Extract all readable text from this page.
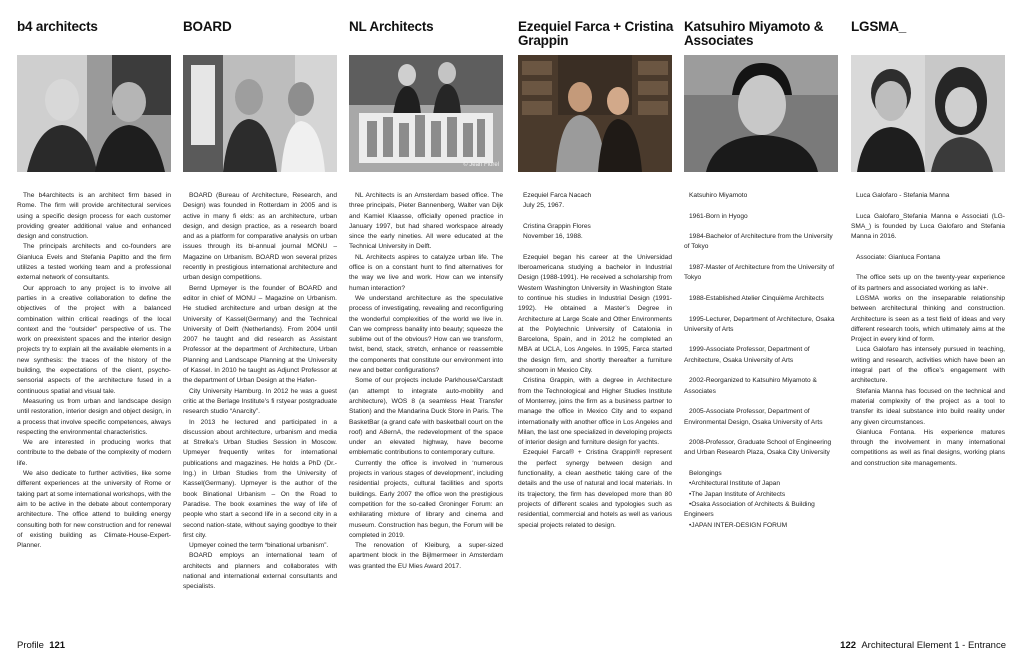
b4 architects

The b4architects is an architect firm based in Rome. The firm will provide architectural services using a specific design process for each customer providing greater additional value and enhanced design and construction.

The principals architects and co-founders are Gianluca Evels and Stefania Papitto and the firm utilizes a tested working team and a professional external network of consultants.

Our approach to any project is to involve all parties in a creative collaboration to define the objectives of the project with a balanced combination within critical readings of the local context and the “outsider” perspective of us. The work on preexistent spaces and the interior design projects try to explain all the available elements in a new synthesis: the traces of the history of the building, the expectations of the client, psycho-sensorial aspects of the architecture fused in a continuous spatial and visual tale.

Measuring us from urban and landscape design until restoration, interior design and object design, in a process that involve specific competences, always respecting the environmental characteristics.

We are interested in producing works that contribute to the debate of the complexity of modern life.

We also dedicate to further activities, like some different experiences at the university of Rome or taking part at some international workshops, with the aim to be active in the debate about contemporary architecture. The office attend to building energy consulting both for new construction and for renewal of existing building as Climate-House-Expert-Planner.

BOARD

BOARD (Bureau of Architecture, Research, and Design) was founded in Rotterdam in 2005 and is active in many fi elds: as an architecture, urban design, and design practice, as a research board and as a platform for comparative analysis on urban issues through its bi-annual journal MONU – Magazine on Urbanism. BOARD won several prizes recently in prestigious international architecture and urban design competitions.

Bernd Upmeyer is the founder of BOARD and editor in chief of MONU – Magazine on Urbanism. He studied architecture and urban design at the University of Kassel(Germany) and the Technical University of Delft (Netherlands). From 2004 until 2007 he taught and did research as Assistant Professor at the department of Architecture, Urban Planning and Landscape Planning at the University of Kassel. In 2010 he taught as Adjunct Professor at the department of Urban Design at the Hafen-

City University Hamburg. In 2012 he was a guest critic at the Berlage Institute’s fi rstyear postgraduate research studio “Anarcity”.

In 2013 he lectured and participated in a discussion about architecture, urbanism and media at Strelka’s Urban Studies Session in Moscow. Upmeyer frequently writes for international publications and magazines. He holds a PhD (Dr.-Ing.) in Urban Studies from the University of Kassel(Germany). Upmeyer is the author of the book Binational Urbanism – On the Road to Paradise. The book examines the way of life of people who start a second life in a second city in a second nation-state, without saying goodbye to their first city.

Upmeyer coined the term “binational urbanism”.

BOARD employs an international team of architects and planners and collaborates with national and international external consultants and specialists.

NL Architects
© Jean Fiorel

NL Architects is an Amsterdam based office. The three principals, Pieter Bannenberg, Walter van Dijk and Kamiel Klaasse, officially opened practice in January 1997, but had shared workspace already since the early nineties. All were educated at the Technical University in Delft.

NL Architects aspires to catalyze urban life. The office is on a constant hunt to find alternatives for the way we live and work. How can we intensify human interaction?

We understand architecture as the speculative process of investigating, revealing and reconfiguring the wonderful complexities of the world we live in. Can we compress banality into beauty; squeeze the sublime out of the obvious? How can we transform, twist, bend, stack, stretch, enhance or reassemble the components that constitute our environment into new and better configurations?

Some of our projects include Parkhouse/Carstadt (an attempt to integrate auto-mobility and architecture), WOS 8 (a seamless Heat Transfer Station) and the Mandarina Duck Store in Paris. The BasketBar (a grand cafe with basketball court on the roof) and A8ernA, the redevelopment of the space under an elevated highway, have become emblematic contributions to contemporary culture.

Currently the office is involved in ‘numerous projects in various stages of development’, including residential projects, cultural facilities and sports buildings. Early 2007 the office won the prestigious competition for the so-called Groninger Forum: an exhilarating mixture of library and cinema and museum. Construction has begun, the Forum will be completed in 2019.

The renovation of Kleiburg, a super-sized apartment block in the Bijlmermeer in Amsterdam was granted the EU Mies Award 2017.

Ezequiel Farca + Cristina Grappin

Ezequiel Farca Nacach

July 25, 1967.

Cristina Grappin Flores

November 16, 1988.

Ezequiel began his career at the Universidad Iberoamericana studying a bachelor in Industrial Design (1988-1991). He received a scholarship from Western Washington University in Washington State to continue his studies in Industrial Design (1991-1992). He obtained a Master’s Degree in Architecture at Large Scale and Other Environments at the Polytechnic University of Catalonia in Barcelona, Spain, and in 2012 he completed an MBA at UCLA, Los Angeles. In 1995, Farca started the design firm, and shortly thereafter a furniture showroom in Mexico City.

Cristina Grappin, with a degree in Architecture from the Technological and Higher Studies Institute of Monterrey, joins the firm as a business partner to manage the office in Mexico City and to expand internationally with another office in Los Angeles and Milan, the last one specialized in developing projects of interior design and furniture design for yachts.

Ezequiel Farca® + Cristina Grappin® represent the perfect synergy between design and functionality, a clean aesthetic taking care of the details and the use of natural and local materials. In its trajectory, the firm has developed more than 80 projects of different scales and typologies such as residential, commercial and hotels as well as various special projects related to design.

Katsuhiro Miyamoto & Associates

Katsuhiro Miyamoto

1961-Born in Hyogo

1984-Bachelor of Architecture from the University of Tokyo

1987-Master of Architecture from the University of Tokyo

1988-Established Atelier Cinquième Architects

1995-Lecturer, Department of Architecture, Osaka University of Arts

1999-Associate Professor, Department of Architecture, Osaka University of Arts

2002-Reorganized to Katsuhiro Miyamoto & Associates

2005-Associate Professor, Department of Environmental Design, Osaka University of Arts

2008-Professor, Graduate School of Engineering and Urban Research Plaza, Osaka City University

Belongings

•Architectural Institute of Japan

•The Japan Institute of Architects

•Osaka Association of Architects & Building Engineers

•JAPAN INTER-DESIGN FORUM

LGSMA_

Luca Galofaro - Stefania Manna

Luca Galofaro_Stefania Manna e Associati (LG-SMA_) is founded by Luca Galofaro and Stefania Manna in 2016.

Associate: Gianluca Fontana

The office sets up on the twenty-year experience of its partners and associated working as IaN+.

LGSMA works on the inseparable relationship between architectural thinking and construction. Architecture is seen as a test field of ideas and very different research tools, which ultimately aims at the Project in every kind of form.

Luca Galofaro has intensely pursued in teaching, writing and research, activities which have been an integral part of the office’s engagement with architecture.

Stefania Manna has focused on the technical and material complexity of the project as a tool to transfer its ideal substance into build reality under any given circumstances.

Gianluca Fontana. His experience matures through the involvement in many international competitions as well as final designs, working plans and construction site managements.

Profile 121	122 Architectural Element 1 - Entrance
